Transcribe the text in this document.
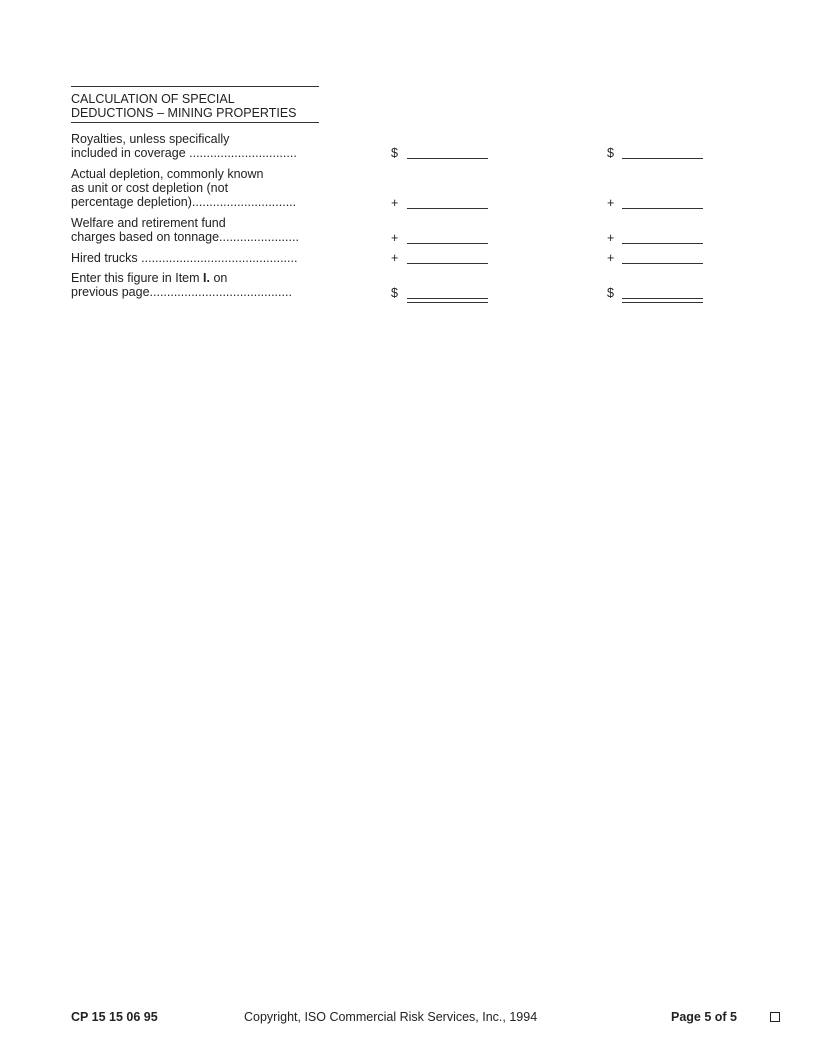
CALCULATION OF SPECIAL
DEDUCTIONS – MINING PROPERTIES
Royalties, unless specifically
included in coverage ...............................	$	$
Actual depletion, commonly known
as unit or cost depletion (not
percentage depletion)..............................	+	+
Welfare and retirement fund
charges based on tonnage.......................	+	+
Hired trucks .............................................	+	+
Enter this figure in Item I. on
previous page.........................................	$	$
CP 15 15 06 95	Copyright, ISO Commercial Risk Services, Inc., 1994	Page 5 of 5
